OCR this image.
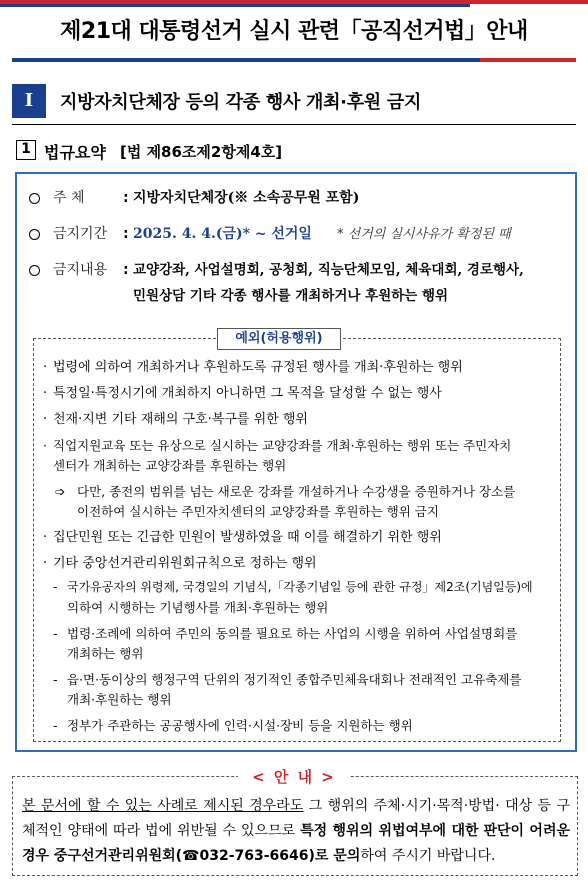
제21대 대통령선거 실시 관련「공직선거법」안내
Ⅰ	지방자치단체장 등의 각종 행사 개최·후원 금지
1 법규요약 [법 제86조제2항제4호]
주 체	: 지방자치단체장(※ 소속공무원 포함)
금지기간 : 2025. 4. 4.(금)* ~ 선거일 * 선거의 실시사유가 확정된 때
금지내용 : 교양강좌, 사업설명회, 공청회, 직능단체모임, 체육대회, 경로행사,
민원상담 기타 각종 행사를 개최하거나 후원하는 행위
예외(허용행위)
· 법령에 의하여 개최하거나 후원하도록 규정된 행사를 개최·후원하는 행위
· 특정일·특정시기에 개최하지 아니하면 그 목적을 달성할 수 없는 행사
· 천재·지변 기타 재해의 구호·복구를 위한 행위
· 직업지원교육 또는 유상으로 실시하는 교양강좌를 개최·후원하는 행위 또는 주민자치
센터가 개최하는 교양강좌를 후원하는 행위
➩ 다만, 종전의 범위를 넘는 새로운 강좌를 개설하거나 수강생을 증원하거나 장소를
이전하여 실시하는 주민자치센터의 교양강좌를 후원하는 행위 금지
· 집단민원 또는 긴급한 민원이 발생하였을 때 이를 해결하기 위한 행위
· 기타 중앙선거관리위원회규칙으로 정하는 행위
- 국가유공자의 위령제, 국경일의 기념식,「각종기념일 등에 관한 규정」제2조(기념일등)에
의하여 시행하는 기념행사를 개최·후원하는 행위
- 법령·조례에 의하여 주민의 동의를 필요로 하는 사업의 시행을 위하여 사업설명회를
개최하는 행위
- 읍·면·동이상의 행정구역 단위의 정기적인 종합주민체육대회나 전래적인 고유축제를
개최·후원하는 행위
- 정부가 주관하는 공공행사에 인력·시설·장비 등을 지원하는 행위
< 안 내 >
본 문서에 할 수 있는 사례로 제시된 경우라도 그 행위의 주체·시기·목적·방법· 대상 등 구체적인 양태에 따라 법에 위반될 수 있으므로 특정 행위의 위법여부에 대한 판단이 어려운 경우 중구선거관리위원회(☎032-763-6646)로 문의하여 주시기 바랍니다.
